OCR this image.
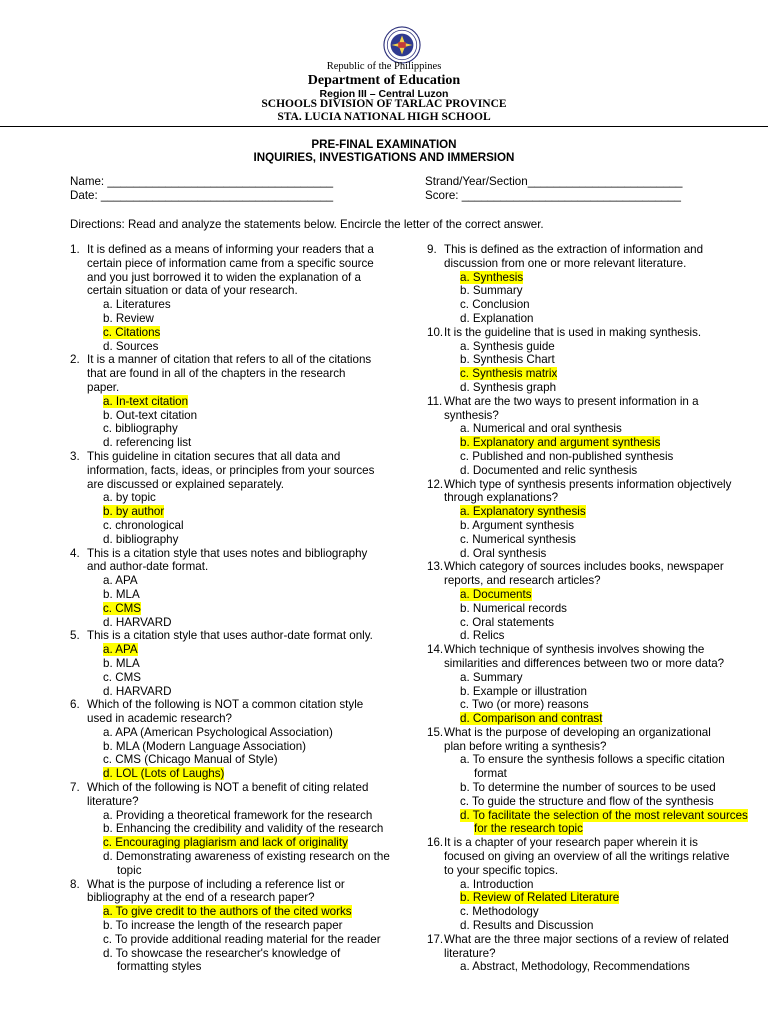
Republic of the Philippines
Department of Education
Region III – Central Luzon
SCHOOLS DIVISION OF TARLAC PROVINCE
STA. LUCIA NATIONAL HIGH SCHOOL
PRE-FINAL EXAMINATION
INQUIRIES, INVESTIGATIONS AND IMMERSION
Name: ___________________________________
Date: ____________________________________
Strand/Year/Section________________________
Score: __________________________________
Directions: Read and analyze the statements below. Encircle the letter of the correct answer.
1. It is defined as a means of informing your readers that a
certain piece of information came from a specific source
and you just borrowed it to widen the explanation of a
certain situation or data of your research.
a. Literatures
b. Review
c. Citations
d. Sources
2. It is a manner of citation that refers to all of the citations
that are found in all of the chapters in the research
paper.
a. In-text citation
b. Out-text citation
c. bibliography
d. referencing list
3. This guideline in citation secures that all data and
information, facts, ideas, or principles from your sources
are discussed or explained separately.
a. by topic
b. by author
c. chronological
d. bibliography
4. This is a citation style that uses notes and bibliography
and author-date format.
a. APA
b. MLA
c. CMS
d. HARVARD
5. This is a citation style that uses author-date format only.
a. APA
b. MLA
c. CMS
d. HARVARD
6. Which of the following is NOT a common citation style
used in academic research?
a. APA (American Psychological Association)
b. MLA (Modern Language Association)
c. CMS (Chicago Manual of Style)
d. LOL (Lots of Laughs)
7. Which of the following is NOT a benefit of citing related
literature?
a. Providing a theoretical framework for the research
b. Enhancing the credibility and validity of the research
c. Encouraging plagiarism and lack of originality
d. Demonstrating awareness of existing research on the
topic
8. What is the purpose of including a reference list or
bibliography at the end of a research paper?
a. To give credit to the authors of the cited works
b. To increase the length of the research paper
c. To provide additional reading material for the reader
d. To showcase the researcher's knowledge of
formatting styles
9. This is defined as the extraction of information and
discussion from one or more relevant literature.
a. Synthesis
b. Summary
c. Conclusion
d. Explanation
10. It is the guideline that is used in making synthesis.
a. Synthesis guide
b. Synthesis Chart
c. Synthesis matrix
d. Synthesis graph
11. What are the two ways to present information in a
synthesis?
a. Numerical and oral synthesis
b. Explanatory and argument synthesis
c. Published and non-published synthesis
d. Documented and relic synthesis
12. Which type of synthesis presents information objectively
through explanations?
a. Explanatory synthesis
b. Argument synthesis
c. Numerical synthesis
d. Oral synthesis
13. Which category of sources includes books, newspaper
reports, and research articles?
a. Documents
b. Numerical records
c. Oral statements
d. Relics
14. Which technique of synthesis involves showing the
similarities and differences between two or more data?
a. Summary
b. Example or illustration
c. Two (or more) reasons
d. Comparison and contrast
15. What is the purpose of developing an organizational
plan before writing a synthesis?
a. To ensure the synthesis follows a specific citation
format
b. To determine the number of sources to be used
c. To guide the structure and flow of the synthesis
d. To facilitate the selection of the most relevant sources
for the research topic
16. It is a chapter of your research paper wherein it is
focused on giving an overview of all the writings relative
to your specific topics.
a. Introduction
b. Review of Related Literature
c. Methodology
d. Results and Discussion
17. What are the three major sections of a review of related
literature?
a. Abstract, Methodology, Recommendations
